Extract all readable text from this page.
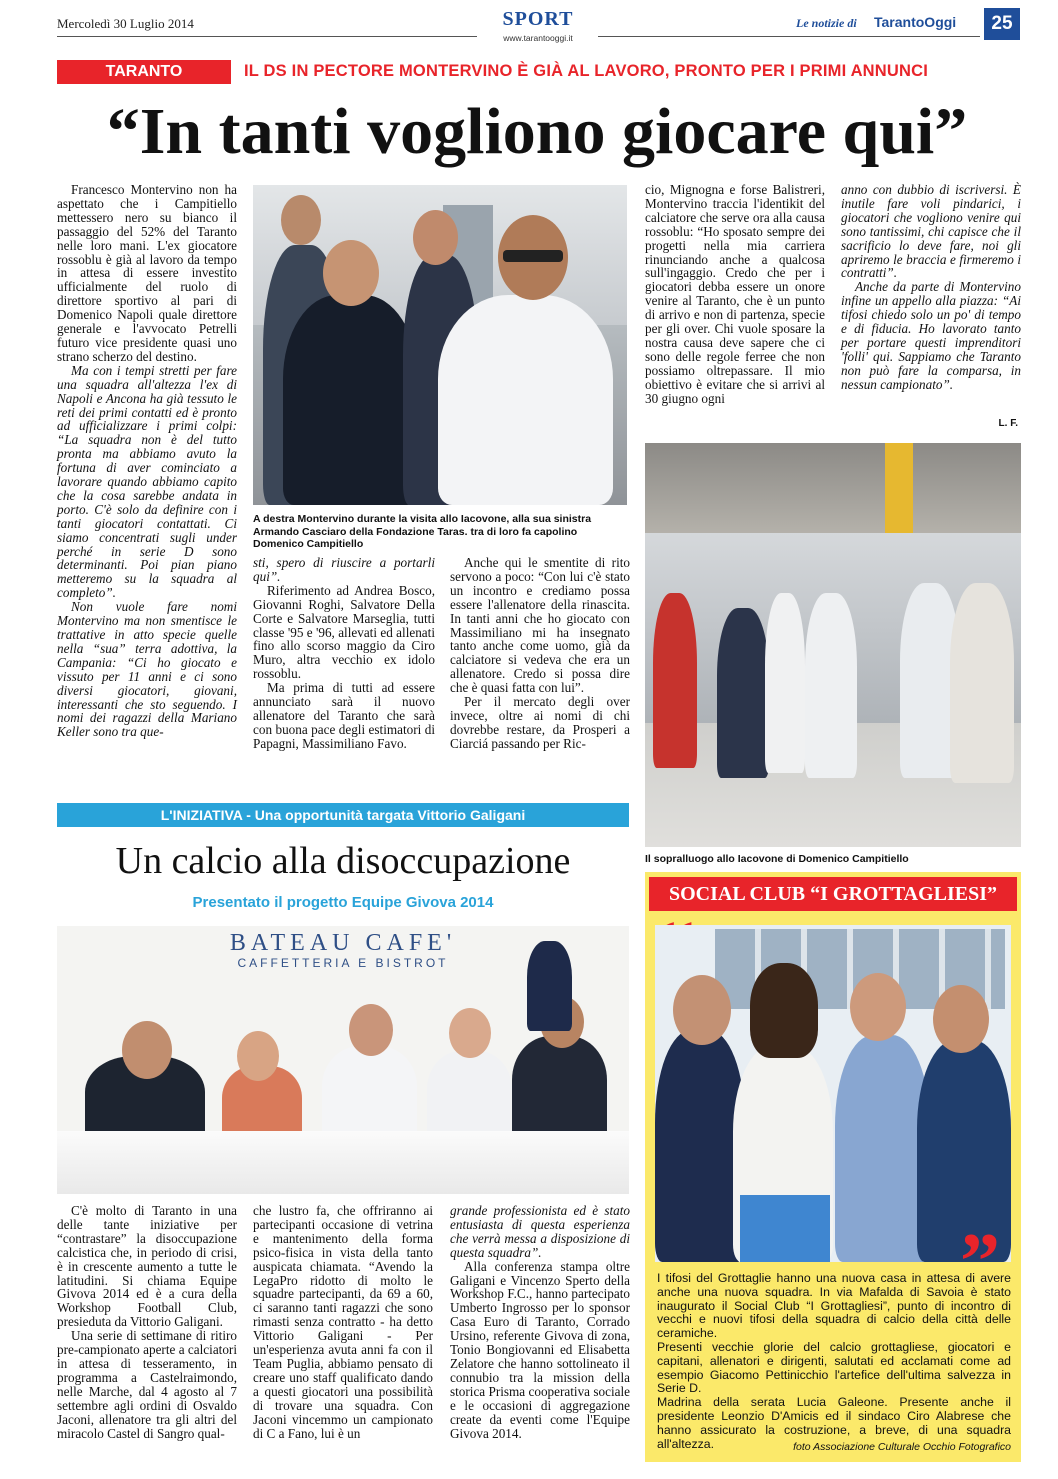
Mercoledì 30 Luglio 2014	SPORT
www.tarantooggi.it
Le notizie di TarantoOggi	25
TARANTO	IL DS IN PECTORE MONTERVINO È GIÀ AL LAVORO, PRONTO PER I PRIMI ANNUNCI
“In tanti vogliono giocare qui”

Francesco Montervino non ha aspettato che i Campitiello mettessero nero su bianco il passaggio del 52% del Taranto nelle loro mani. L'ex giocatore rossoblu è già al lavoro da tempo in attesa di essere investito ufficialmente del ruolo di direttore sportivo al pari di Domenico Napoli quale direttore generale e l'avvocato Petrelli futuro vice presidente quasi uno strano scherzo del destino.

Ma con i tempi stretti per fare una squadra all'altezza l'ex di Napoli e Ancona ha già tessuto le reti dei primi contatti ed è pronto ad ufficializzare i primi colpi: “La squadra non è del tutto pronta ma abbiamo avuto la fortuna di aver cominciato a lavorare quando abbiamo capito che la cosa sarebbe andata in porto. C'è solo da definire con i tanti giocatori contattati. Ci siamo concentrati sugli under perché in serie D sono determinanti. Poi pian piano metteremo su la squadra al completo”.

Non vuole fare nomi Montervino ma non smentisce le trattative in atto specie quelle nella “sua” terra adottiva, la Campania: “Ci ho giocato e vissuto per 11 anni e ci sono diversi giocatori, giovani, interessanti che sto seguendo. I nomi dei ragazzi della Mariano Keller sono tra que-

A destra Montervino durante la visita allo Iacovone, alla sua sinistra Armando Casciaro della Fondazione Taras. tra di loro fa capolino Domenico Campitiello

sti, spero di riuscire a portarli qui”.

Riferimento ad Andrea Bosco, Giovanni Roghi, Salvatore Della Corte e Salvatore Marseglia, tutti classe '95 e '96, allevati ed allenati fino allo scorso maggio da Ciro Muro, altra vecchio ex idolo rossoblu.

Ma prima di tutti ad essere annunciato sarà il nuovo allenatore del Taranto che sarà con buona pace degli estimatori di Papagni, Massimiliano Favo.

cio, Mignogna e forse Balistreri, Montervino traccia l'identikit del calciatore che serve ora alla causa rossoblu: “Ho sposato sempre dei progetti nella mia carriera rinunciando anche a qualcosa sull'ingaggio. Credo che per i giocatori debba essere un onore venire al Taranto, che è un punto di arrivo e non di partenza, specie per gli over. Chi vuole sposare la nostra causa deve sapere che ci sono delle regole ferree che non possiamo oltrepassare. Il mio obiettivo è evitare che si arrivi al 30 giugno ogni

Anche qui le smentite di rito servono a poco: “Con lui c'è stato un incontro e crediamo possa essere l'allenatore della rinascita. In tanti anni che ho giocato con Massimiliano mi ha insegnato tanto anche come uomo, già da calciatore si vedeva che era un allenatore. Credo si possa dire che è quasi fatta con lui”.

Per il mercato degli over invece, oltre ai nomi di chi dovrebbe restare, da Prosperi a Ciarciá passando per Ric-

anno con dubbio di iscriversi. È inutile fare voli pindarici, i giocatori che vogliono venire qui sono tantissimi, chi capisce che il sacrificio lo deve fare, noi gli apriremo le braccia e firmeremo i contratti”.

Anche da parte di Montervino infine un appello alla piazza: “Ai tifosi chiedo solo un po' di tempo e di fiducia. Ho lavorato tanto per portare questi imprenditori 'folli' qui. Sappiamo che Taranto non può fare la comparsa, in nessun campionato”.

L. F.
Il sopralluogo allo Iacovone di Domenico Campitiello
L'INIZIATIVA - Una opportunità targata Vittorio Galigani
Un calcio alla disoccupazione
Presentato il progetto Equipe Givova 2014
BATEAU CAFE'
CAFFETTERIA E BISTROT

C'è molto di Taranto in una delle tante iniziative per “contrastare” la disoccupazione calcistica che, in periodo di crisi, è in crescente aumento a tutte le latitudini. Si chiama Equipe Givova 2014 ed è a cura della Workshop Football Club, presieduta da Vittorio Galigani.

Una serie di settimane di ritiro pre-campionato aperte a calciatori in attesa di tesseramento, in programma a Castelraimondo, nelle Marche, dal 4 agosto al 7 settembre agli ordini di Osvaldo Jaconi, allenatore tra gli altri del miracolo Castel di Sangro qual-

che lustro fa, che offriranno ai partecipanti occasione di vetrina e mantenimento della forma psico-fisica in vista della tanto auspicata chiamata. “Avendo la LegaPro ridotto di molto le squadre partecipanti, da 69 a 60, ci saranno tanti ragazzi che sono rimasti senza contratto - ha detto Vittorio Galigani - Per un'esperienza avuta anni fa con il Team Puglia, abbiamo pensato di creare uno staff qualificato dando a questi giocatori una possibilità di trovare una squadra. Con Jaconi vincemmo un campionato di C a Fano, lui è un

grande professionista ed è stato entusiasta di questa esperienza che verrà messa a disposizione di questa squadra”.

Alla conferenza stampa oltre Galigani e Vincenzo Sperto della Workshop F.C., hanno partecipato Umberto Ingrosso per lo sponsor Casa Euro di Taranto, Corrado Ursino, referente Givova di zona, Tonio Bongiovanni ed Elisabetta Zelatore che hanno sottolineato il connubio tra la mission della storica Prisma cooperativa sociale e le occasioni di aggregazione create da eventi come l'Equipe Givova 2014.

SOCIAL CLUB “I GROTTAGLIESI”
”

I tifosi del Grottaglie hanno una nuova casa in attesa di avere anche una nuova squadra. In via Mafalda di Savoia è stato inaugurato il Social Club “I Grottagliesi”, punto di incontro di vecchi e nuovi tifosi della squadra di calcio della città delle ceramiche.

Presenti vecchie glorie del calcio grottagliese, giocatori e capitani, allenatori e dirigenti, salutati ed acclamati come ad esempio Giacomo Pettinicchio l'artefice dell'ultima salvezza in Serie D.

Madrina della serata Lucia Galeone. Presente anche il presidente Leonzio D'Amicis ed il sindaco Ciro Alabrese che hanno assicurato la costruzione, a breve, di una squadra all'altezza.	foto Associazione Culturale Occhio Fotografico
